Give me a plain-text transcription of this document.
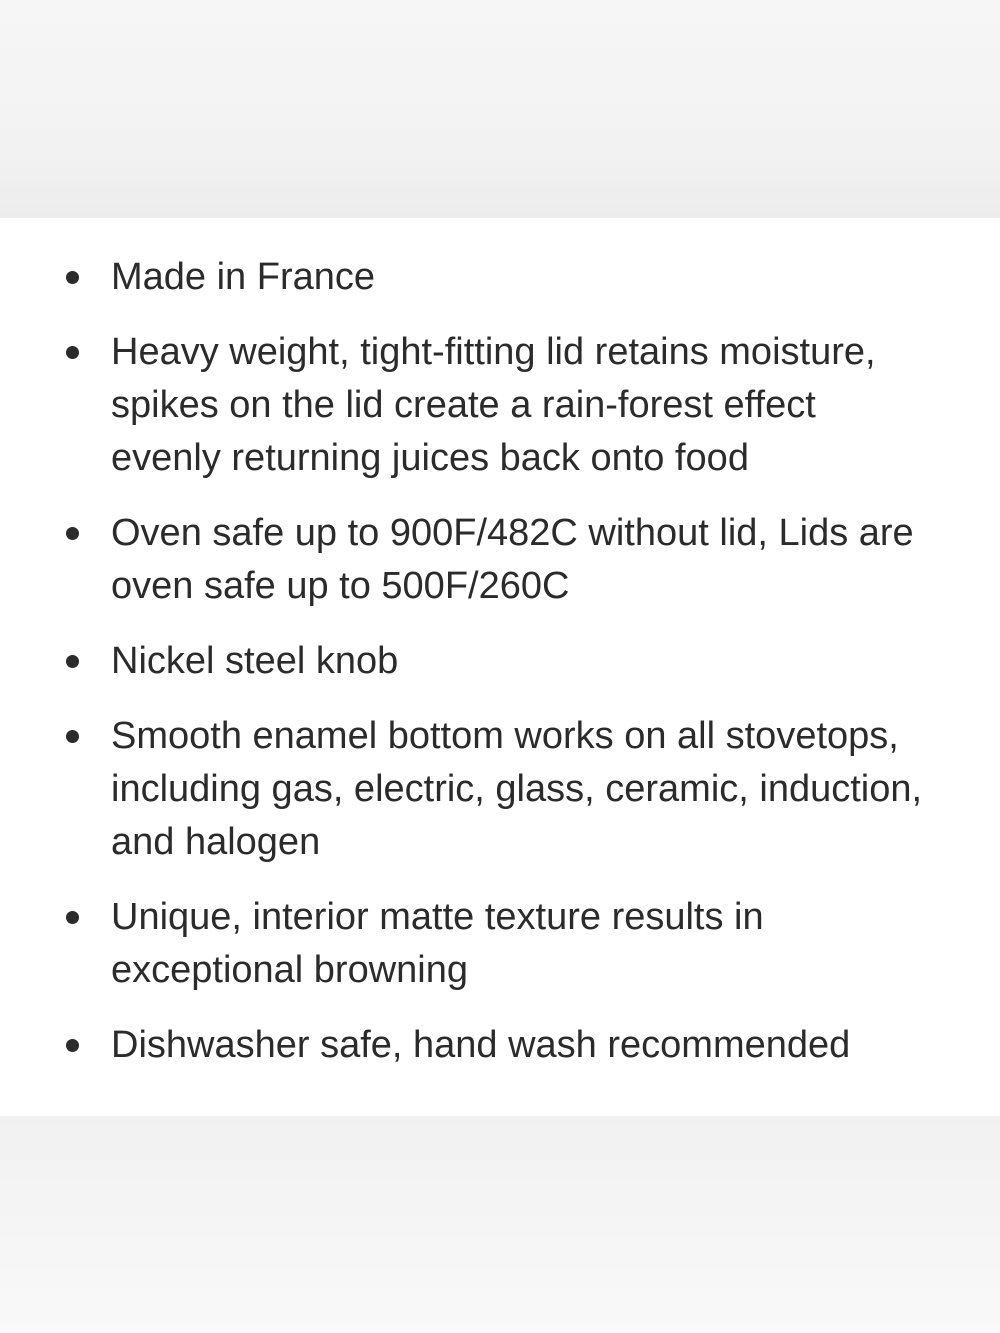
Made in France
Heavy weight, tight-fitting lid retains moisture, spikes on the lid create a rain-forest effect evenly returning juices back onto food
Oven safe up to 900F/482C without lid, Lids are oven safe up to 500F/260C
Nickel steel knob
Smooth enamel bottom works on all stovetops, including gas, electric, glass, ceramic, induction, and halogen
Unique, interior matte texture results in exceptional browning
Dishwasher safe, hand wash recommended
